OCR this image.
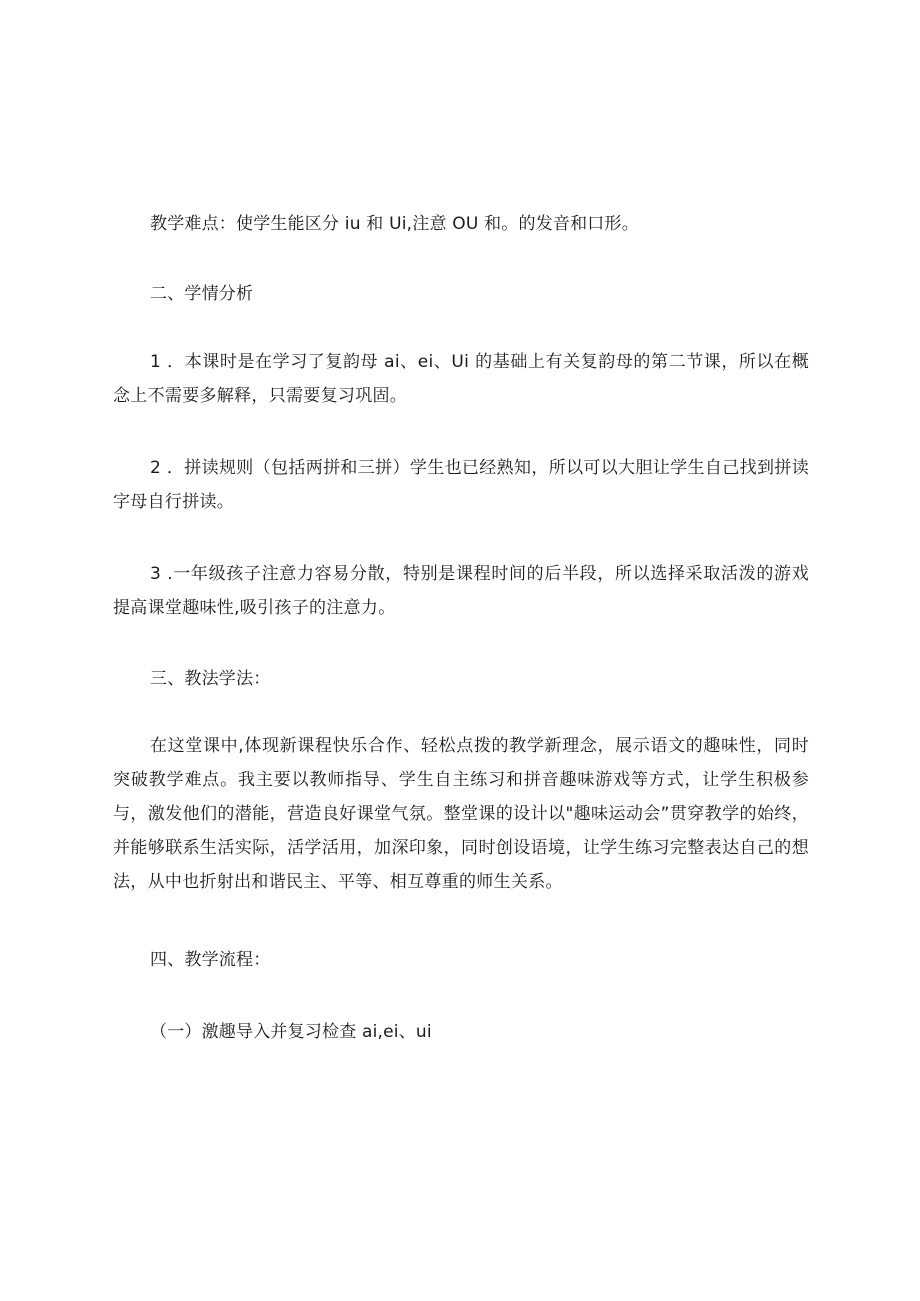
教学难点：使学生能区分 iu 和 Ui,注意 OU 和。的发音和口形。
二、学情分析
1 ．本课时是在学习了复韵母 ai、ei、Ui 的基础上有关复韵母的第二节课，所以在概念上不需要多解释，只需要复习巩固。
2 ．拼读规则（包括两拼和三拼）学生也已经熟知，所以可以大胆让学生自己找到拼读字母自行拼读。
3 .一年级孩子注意力容易分散，特别是课程时间的后半段，所以选择采取活泼的游戏提高课堂趣味性,吸引孩子的注意力。
三、教法学法：
在这堂课中,体现新课程快乐合作、轻松点拨的教学新理念，展示语文的趣味性，同时突破教学难点。我主要以教师指导、学生自主练习和拼音趣味游戏等方式，让学生积极参与，激发他们的潜能，营造良好课堂气氛。整堂课的设计以"趣味运动会”贯穿教学的始终，并能够联系生活实际，活学活用，加深印象，同时创设语境，让学生练习完整表达自己的想法，从中也折射出和谐民主、平等、相互尊重的师生关系。
四、教学流程：
（一）激趣导入并复习检查 ai,ei、ui
